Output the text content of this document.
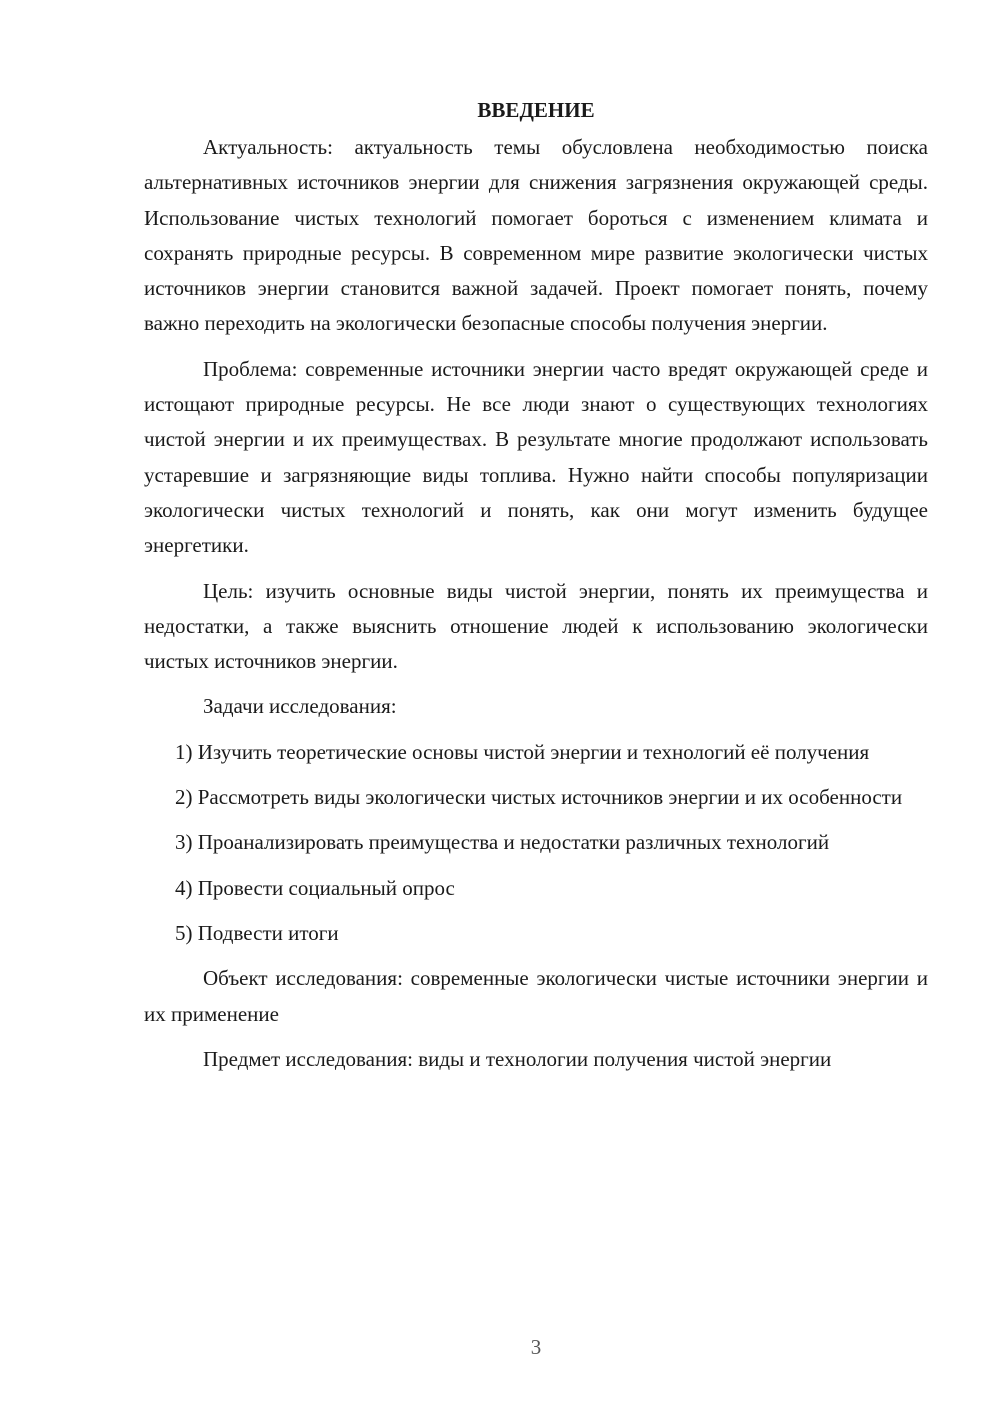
ВВЕДЕНИЕ

Актуальность: актуальность темы обусловлена необходимостью поиска альтернативных источников энергии для снижения загрязнения окружающей среды. Использование чистых технологий помогает бороться с изменением климата и сохранять природные ресурсы. В современном мире развитие экологически чистых источников энергии становится важной задачей. Проект помогает понять, почему важно переходить на экологически безопасные способы получения энергии.

Проблема: современные источники энергии часто вредят окружающей среде и истощают природные ресурсы. Не все люди знают о существующих технологиях чистой энергии и их преимуществах. В результате многие продолжают использовать устаревшие и загрязняющие виды топлива. Нужно найти способы популяризации экологически чистых технологий и понять, как они могут изменить будущее энергетики.

Цель: изучить основные виды чистой энергии, понять их преимущества и недостатки, а также выяснить отношение людей к использованию экологически чистых источников энергии.

Задачи исследования:

1) Изучить теоретические основы чистой энергии и технологий её получения

2) Рассмотреть виды экологически чистых источников энергии и их особенности

3) Проанализировать преимущества и недостатки различных технологий

4) Провести социальный опрос

5) Подвести итоги

Объект исследования: современные экологически чистые источники энергии и их применение

Предмет исследования: виды и технологии получения чистой энергии

3
